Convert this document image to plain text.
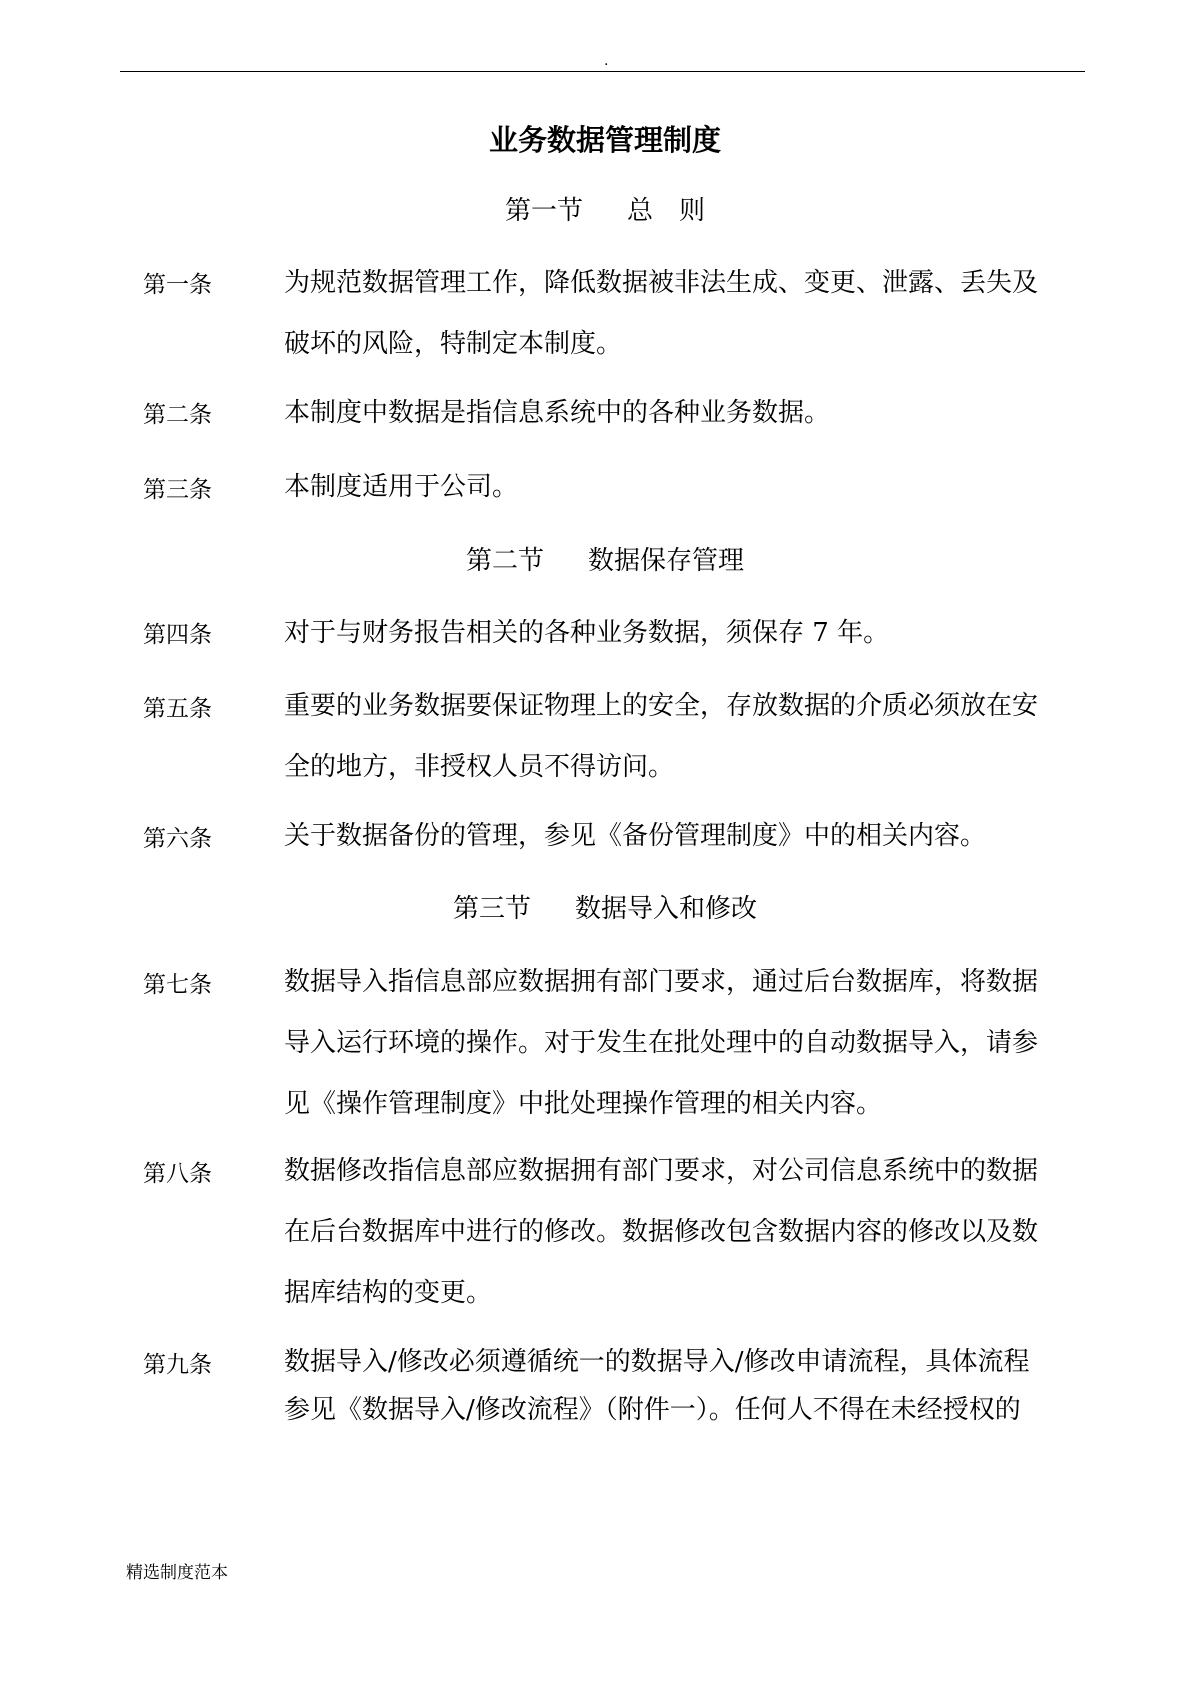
.
业务数据管理制度
第一节 总　则
第一条	为规范数据管理工作，降低数据被非法生成、变更、泄露、丢失及
破坏的风险，特制定本制度。
第二条	本制度中数据是指信息系统中的各种业务数据。
第三条	本制度适用于公司。
第二节 数据保存管理
第四条	对于与财务报告相关的各种业务数据，须保存 7 年。
第五条	重要的业务数据要保证物理上的安全，存放数据的介质必须放在安
全的地方，非授权人员不得访问。
第六条	关于数据备份的管理，参见《备份管理制度》中的相关内容。
第三节 数据导入和修改
第七条	数据导入指信息部应数据拥有部门要求，通过后台数据库，将数据
导入运行环境的操作。对于发生在批处理中的自动数据导入，请参
见《操作管理制度》中批处理操作管理的相关内容。
第八条	数据修改指信息部应数据拥有部门要求，对公司信息系统中的数据
在后台数据库中进行的修改。数据修改包含数据内容的修改以及数
据库结构的变更。
第九条	数据导入/修改必须遵循统一的数据导入/修改申请流程，具体流程
参见《数据导入/修改流程》（附件一）。任何人不得在未经授权的
精选制度范本
